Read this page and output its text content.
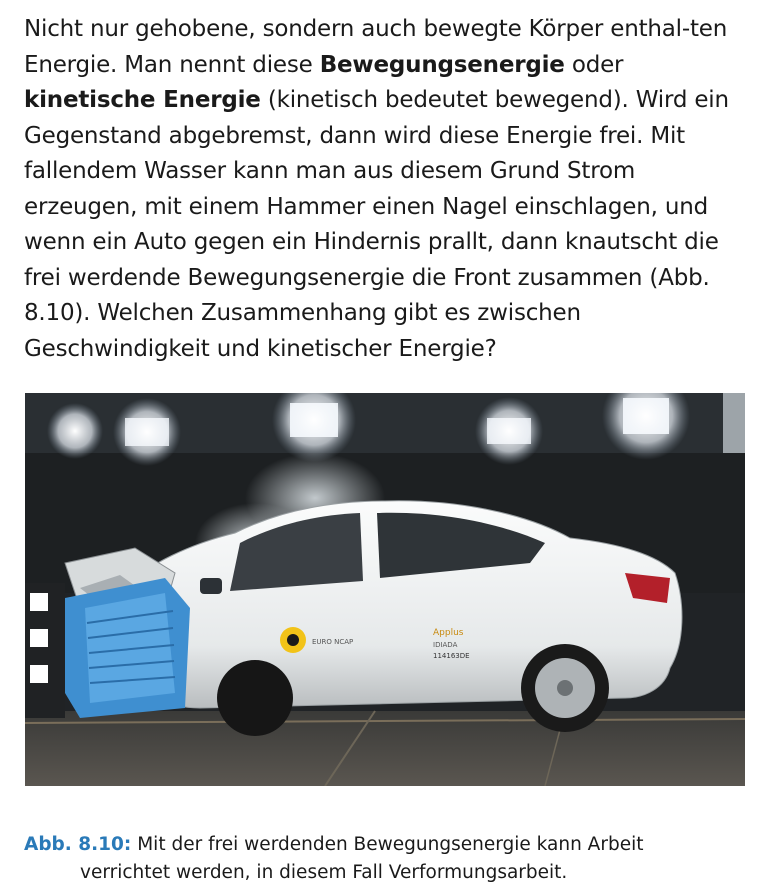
Nicht nur gehobene, sondern auch bewegte Körper enthal-ten Energie. Man nennt diese Bewegungsenergie oder kinetische Energie (kinetisch bedeutet bewegend). Wird ein Gegenstand abgebremst, dann wird diese Energie frei. Mit fallendem Wasser kann man aus diesem Grund Strom erzeugen, mit einem Hammer einen Nagel einschlagen, und wenn ein Auto gegen ein Hindernis prallt, dann knautscht die frei werdende Bewegungsenergie die Front zusammen (Abb. 8.10). Welchen Zusammenhang gibt es zwischen Geschwindigkeit und kinetischer Energie?

EURO NCAP
Applus
IDIADA
114163DE
Abb. 8.10: Mit der frei werdenden Bewegungsenergie kann Arbeit
verrichtet werden, in diesem Fall Verformungsarbeit.
